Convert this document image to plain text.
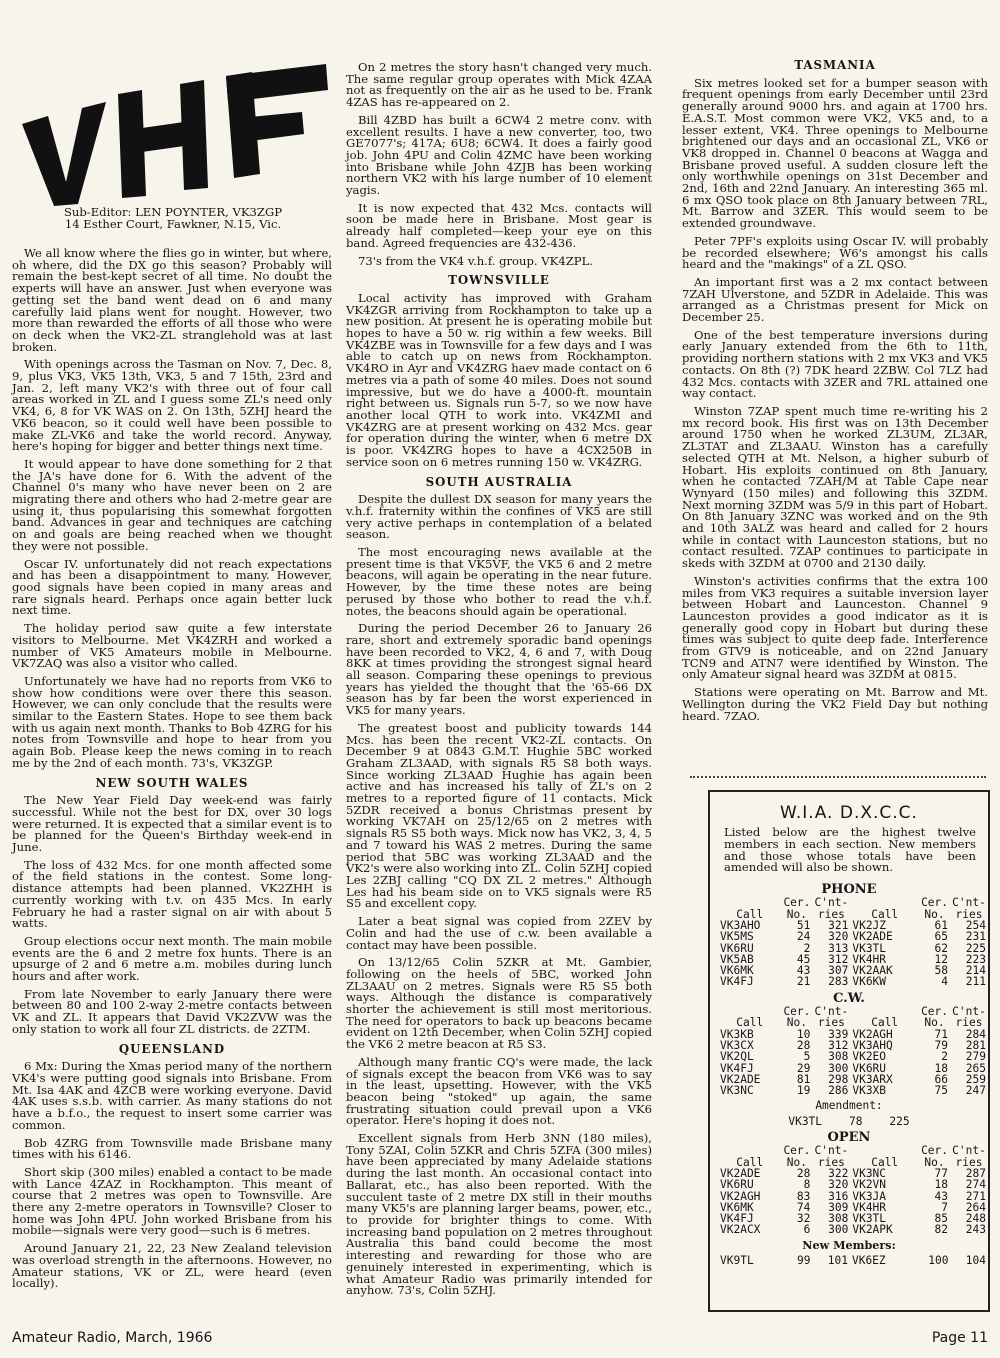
VHF
Sub-Editor: LEN POYNTER, VK3ZGP
14 Esther Court, Fawkner, N.15, Vic.

We all know where the flies go in winter, but where, oh where, did the DX go this season? Probably will remain the best-kept secret of all time. No doubt the experts will have an answer. Just when everyone was getting set the band went dead on 6 and many carefully laid plans went for nought. However, two more than rewarded the efforts of all those who were on deck when the VK2-ZL stranglehold was at last broken.

With openings across the Tasman on Nov. 7, Dec. 8, 9, plus VK3, VK5 13th, VK3, 5 and 7 15th, 23rd and Jan. 2, left many VK2's with three out of four call areas worked in ZL and I guess some ZL's need only VK4, 6, 8 for VK WAS on 2. On 13th, 5ZHJ heard the VK6 beacon, so it could well have been possible to make ZL-VK6 and take the world record. Anyway, here's hoping for bigger and better things next time.

It would appear to have done something for 2 that the JA's have done for 6. With the advent of the Channel 0's many who have never been on 2 are migrating there and others who had 2-metre gear are using it, thus popularising this somewhat forgotten band. Advances in gear and techniques are catching on and goals are being reached when we thought they were not possible.

Oscar IV. unfortunately did not reach expectations and has been a disappointment to many. However, good signals have been copied in many areas and rare signals heard. Perhaps once again better luck next time.

The holiday period saw quite a few interstate visitors to Melbourne. Met VK4ZRH and worked a number of VK5 Amateurs mobile in Melbourne. VK7ZAQ was also a visitor who called.

Unfortunately we have had no reports from VK6 to show how conditions were over there this season. However, we can only conclude that the results were similar to the Eastern States. Hope to see them back with us again next month. Thanks to Bob 4ZRG for his notes from Townsville and hope to hear from you again Bob. Please keep the news coming in to reach me by the 2nd of each month. 73's, VK3ZGP.

NEW SOUTH WALES

The New Year Field Day week-end was fairly successful. While not the best for DX, over 30 logs were returned. It is expected that a similar event is to be planned for the Queen's Birthday week-end in June.

The loss of 432 Mcs. for one month affected some of the field stations in the contest. Some long-distance attempts had been planned. VK2ZHH is currently working with t.v. on 435 Mcs. In early February he had a raster signal on air with about 5 watts.

Group elections occur next month. The main mobile events are the 6 and 2 metre fox hunts. There is an upsurge of 2 and 6 metre a.m. mobiles during lunch hours and after work.

From late November to early January there were between 80 and 100 2-way 2-metre contacts between VK and ZL. It appears that David VK2ZVW was the only station to work all four ZL districts. de 2ZTM.

QUEENSLAND

6 Mx: During the Xmas period many of the northern VK4's were putting good signals into Brisbane. From Mt. Isa 4AK and 4ZCB were working everyone. David 4AK uses s.s.b. with carrier. As many stations do not have a b.f.o., the request to insert some carrier was common.

Bob 4ZRG from Townsville made Brisbane many times with his 6146.

Short skip (300 miles) enabled a contact to be made with Lance 4ZAZ in Rockhampton. This meant of course that 2 metres was open to Townsville. Are there any 2-metre operators in Townsville? Closer to home was John 4PU. John worked Brisbane from his mobile—signals were very good—such is 6 metres.

Around January 21, 22, 23 New Zealand television was overload strength in the afternoons. However, no Amateur stations, VK or ZL, were heard (even locally).

On 2 metres the story hasn't changed very much. The same regular group operates with Mick 4ZAA not as frequently on the air as he used to be. Frank 4ZAS has re-appeared on 2.

Bill 4ZBD has built a 6CW4 2 metre conv. with excellent results. I have a new converter, too, two GE7077's; 417A; 6U8; 6CW4. It does a fairly good job. John 4PU and Colin 4ZMC have been working into Brisbane while John 4ZJB has been working northern VK2 with his large number of 10 element yagis.

It is now expected that 432 Mcs. contacts will soon be made here in Brisbane. Most gear is already half completed—keep your eye on this band. Agreed frequencies are 432-436.

73's from the VK4 v.h.f. group. VK4ZPL.

TOWNSVILLE

Local activity has improved with Graham VK4ZGR arriving from Rockhampton to take up a new position. At present he is operating mobile but hopes to have a 50 w. rig within a few weeks. Bill VK4ZBE was in Townsville for a few days and I was able to catch up on news from Rockhampton. VK4RO in Ayr and VK4ZRG haev made contact on 6 metres via a path of some 40 miles. Does not sound impressive, but we do have a 4000-ft. mountain right between us. Signals run 5-7, so we now have another local QTH to work into. VK4ZMI and VK4ZRG are at present working on 432 Mcs. gear for operation during the winter, when 6 metre DX is poor. VK4ZRG hopes to have a 4CX250B in service soon on 6 metres running 150 w. VK4ZRG.

SOUTH AUSTRALIA

Despite the dullest DX season for many years the v.h.f. fraternity within the confines of VK5 are still very active perhaps in contemplation of a belated season.

The most encouraging news available at the present time is that VK5VF, the VK5 6 and 2 metre beacons, will again be operating in the near future. However, by the time these notes are being perused by those who bother to read the v.h.f. notes, the beacons should again be operational.

During the period December 26 to January 26 rare, short and extremely sporadic band openings have been recorded to VK2, 4, 6 and 7, with Doug 8KK at times providing the strongest signal heard all season. Comparing these openings to previous years has yielded the thought that the '65-66 DX season has by far been the worst experienced in VK5 for many years.

The greatest boost and publicity towards 144 Mcs. has been the recent VK2-ZL contacts. On December 9 at 0843 G.M.T. Hughie 5BC worked Graham ZL3AAD, with signals R5 S8 both ways. Since working ZL3AAD Hughie has again been active and has increased his tally of ZL's on 2 metres to a reported figure of 11 contacts. Mick 5ZDR received a bonus Christmas present by working VK7AH on 25/12/65 on 2 metres with signals R5 S5 both ways. Mick now has VK2, 3, 4, 5 and 7 toward his WAS 2 metres. During the same period that 5BC was working ZL3AAD and the VK2's were also working into ZL. Colin 5ZHJ copied Les 2ZBJ calling "CQ DX ZL 2 metres." Although Les had his beam side on to VK5 signals were R5 S5 and excellent copy.

Later a beat signal was copied from 2ZEV by Colin and had the use of c.w. been available a contact may have been possible.

On 13/12/65 Colin 5ZKR at Mt. Gambier, following on the heels of 5BC, worked John ZL3AAU on 2 metres. Signals were R5 S5 both ways. Although the distance is comparatively shorter the achievement is still most meritorious. The need for operators to back up beacons became evident on 12th December, when Colin 5ZHJ copied the VK6 2 metre beacon at R5 S3.

Although many frantic CQ's were made, the lack of signals except the beacon from VK6 was to say in the least, upsetting. However, with the VK5 beacon being "stoked" up again, the same frustrating situation could prevail upon a VK6 operator. Here's hoping it does not.

Excellent signals from Herb 3NN (180 miles), Tony 5ZAI, Colin 5ZKR and Chris 5ZFA (300 miles) have been appreciated by many Adelaide stations during the last month. An occasional contact into Ballarat, etc., has also been reported. With the succulent taste of 2 metre DX still in their mouths many VK5's are planning larger beams, power, etc., to provide for brighter things to come. With increasing band population on 2 metres throughout Australia this band could become the most interesting and rewarding for those who are genuinely interested in experimenting, which is what Amateur Radio was primarily intended for anyhow. 73's, Colin 5ZHJ.

TASMANIA

Six metres looked set for a bumper season with frequent openings from early December until 23rd generally around 9000 hrs. and again at 1700 hrs. E.A.S.T. Most common were VK2, VK5 and, to a lesser extent, VK4. Three openings to Melbourne brightened our days and an occasional ZL, VK6 or VK8 dropped in. Channel 0 beacons at Wagga and Brisbane proved useful. A sudden closure left the only worthwhile openings on 31st December and 2nd, 16th and 22nd January. An interesting 365 ml. 6 mx QSO took place on 8th January between 7RL, Mt. Barrow and 3ZER. This would seem to be extended groundwave.

Peter 7PF's exploits using Oscar IV. will probably be recorded elsewhere; W6's amongst his calls heard and the "makings" of a ZL QSO.

An important first was a 2 mx contact between 7ZAH Ulverstone, and 5ZDR in Adelaide. This was arranged as a Christmas present for Mick on December 25.

One of the best temperature inversions during early January extended from the 6th to 11th, providing northern stations with 2 mx VK3 and VK5 contacts. On 8th (?) 7DK heard 2ZBW. Col 7LZ had 432 Mcs. contacts with 3ZER and 7RL attained one way contact.

Winston 7ZAP spent much time re-writing his 2 mx record book. His first was on 13th December around 1750 when he worked ZL3UM, ZL3AR, ZL3TAT and ZL3AAU. Winston has a carefully selected QTH at Mt. Nelson, a higher suburb of Hobart. His exploits continued on 8th January, when he contacted 7ZAH/M at Table Cape near Wynyard (150 miles) and following this 3ZDM. Next morning 3ZDM was 5/9 in this part of Hobart. On 8th January 3ZNC was worked and on the 9th and 10th 3ALZ was heard and called for 2 hours while in contact with Launceston stations, but no contact resulted. 7ZAP continues to participate in skeds with 3ZDM at 0700 and 2130 daily.

Winston's activities confirms that the extra 100 miles from VK3 requires a suitable inversion layer between Hobart and Launceston. Channel 9 Launceston provides a good indicator as it is generally good copy in Hobart but during these times was subject to quite deep fade. Interference from GTV9 is noticeable, and on 22nd January TCN9 and ATN7 were identified by Winston. The only Amateur signal heard was 3ZDM at 0815.

Stations were operating on Mt. Barrow and Mt. Wellington during the VK2 Field Day but nothing heard. 7ZAO.

W.I.A. D.X.C.C.
Listed below are the highest twelve members in each section. New members and those whose totals have been amended will also be shown.
PHONE
	Cer.	C'nt-		Cer.	C'nt-
Call	No.	ries	Call	No.	ries
VK3AHO	51	321	VK2JZ	61	254
VK5MS	24	320	VK2ADE	65	231
VK6RU	2	313	VK3TL	62	225
VK5AB	45	312	VK4HR	12	223
VK6MK	43	307	VK2AAK	58	214
VK4FJ	21	283	VK6KW	4	211
C.W.
	Cer.	C'nt-		Cer.	C'nt-
Call	No.	ries	Call	No.	ries
VK3KB	10	339	VK2AGH	71	284
VK3CX	28	312	VK3AHQ	79	281
VK2QL	5	308	VK2EO	2	279
VK4FJ	29	300	VK6RU	18	265
VK2ADE	81	298	VK3ARX	66	259
VK3NC	19	286	VK3XB	75	247
Amendment:
VK3TL 78 225
OPEN
	Cer.	C'nt-		Cer.	C'nt-
Call	No.	ries	Call	No.	ries
VK2ADE	28	322	VK3NC	77	287
VK6RU	8	320	VK2VN	18	274
VK2AGH	83	316	VK3JA	43	271
VK6MK	74	309	VK4HR	7	264
VK4FJ	32	308	VK3TL	85	248
VK2ACX	6	300	VK2APK	82	243
New Members:
VK9TL	99	101	VK6EZ	100	104
Amateur Radio, March, 1966	Page 11
